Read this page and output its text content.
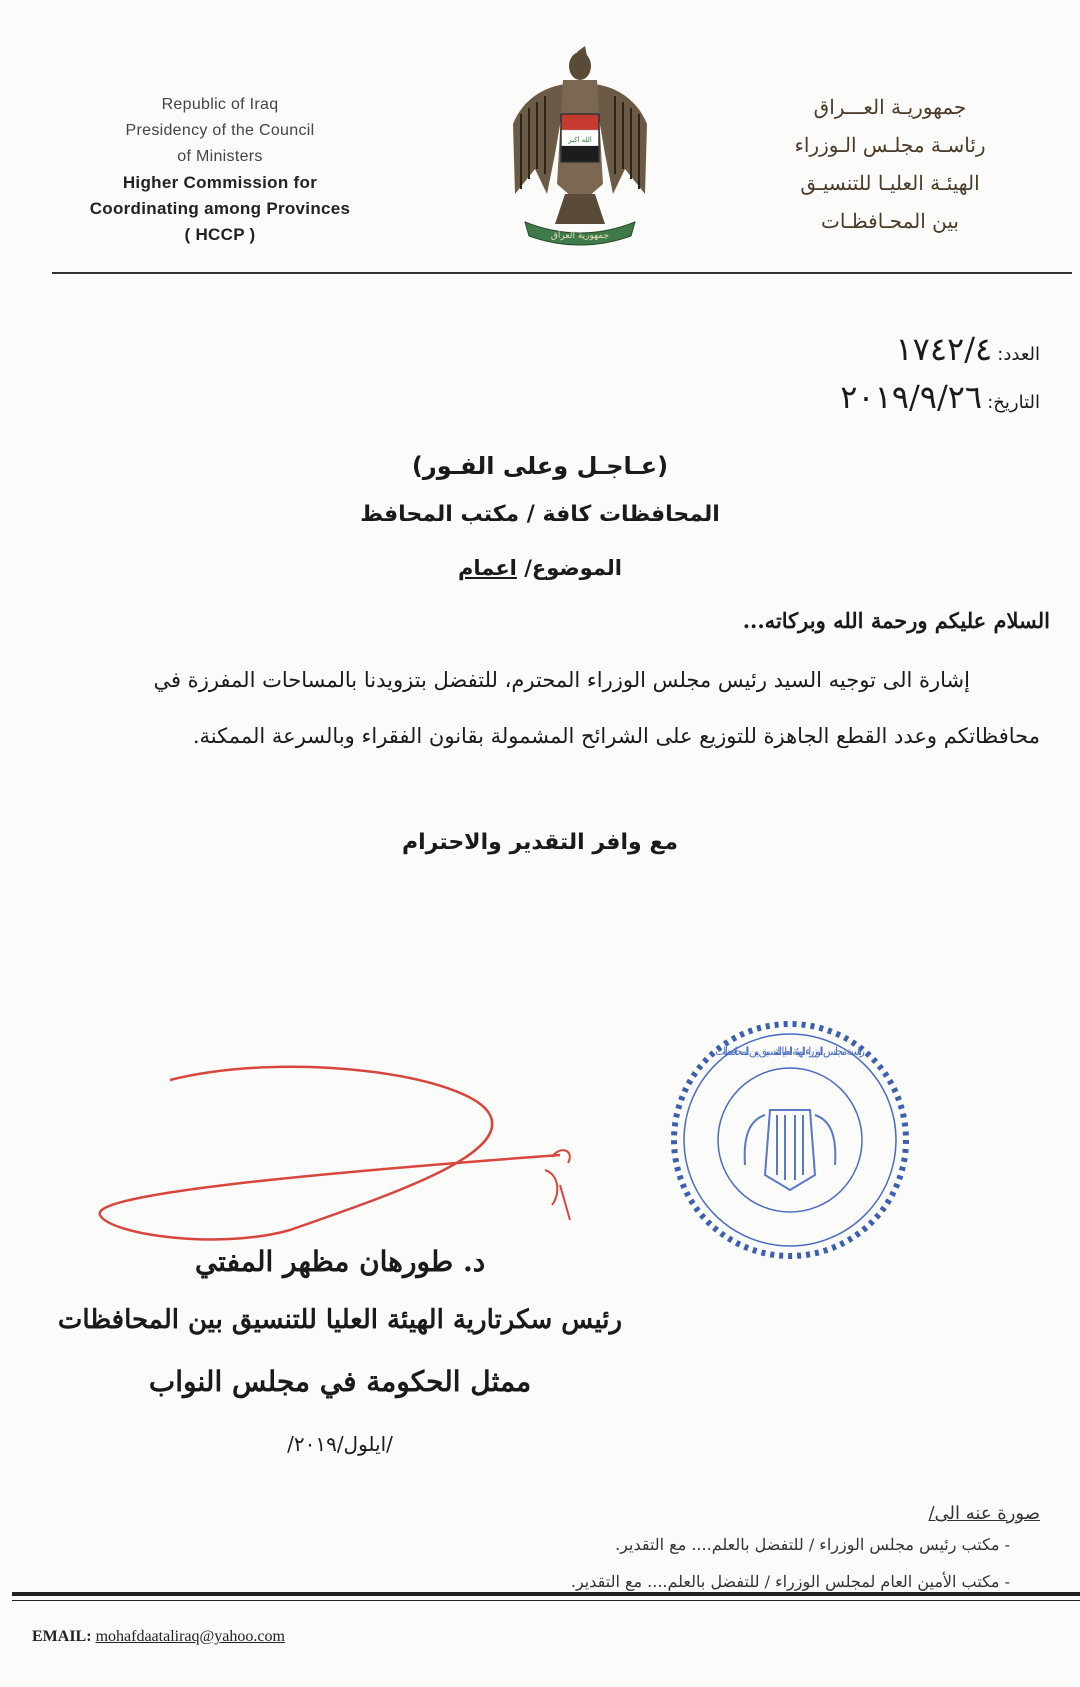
Republic of Iraq
Presidency of the Council
of Ministers
Higher Commission for
Coordinating among Provinces
( HCCP )
الله اكبر
جمهورية العراق
جمهوريـة العـــراق
رئاسـة مجلـس الـوزراء
الهيئـة العليـا للتنسيـق
بين المحـافظـات
العدد: ١٧٤٢/٤
التاريخ: ٢٠١٩/٩/٢٦
(عـاجـل وعلى الفـور)
المحافظات كافة / مكتب المحافظ
الموضوع/ اعمام
السلام عليكم ورحمة الله وبركاته...
إشارة الى توجيه السيد رئيس مجلس الوزراء المحترم، للتفضل بتزويدنا بالمساحات المفرزة في
محافظاتكم وعدد القطع الجاهزة للتوزيع على الشرائح المشمولة بقانون الفقراء وبالسرعة الممكنة.
مع وافر التقدير والاحترام
رئاسة مجلس الوزراء الهيئة العليا للتنسيق بين المحافظات
د. طورهان مظهر المفتي
رئيس سكرتارية الهيئة العليا للتنسيق بين المحافظات
ممثل الحكومة في مجلس النواب
/ايلول/٢٠١٩/
صورة عنه الى/
- مكتب رئيس مجلس الوزراء / للتفضل بالعلم.... مع التقدير.
- مكتب الأمين العام لمجلس الوزراء / للتفضل بالعلم.... مع التقدير.
EMAIL: mohafdaataliraq@yahoo.com
